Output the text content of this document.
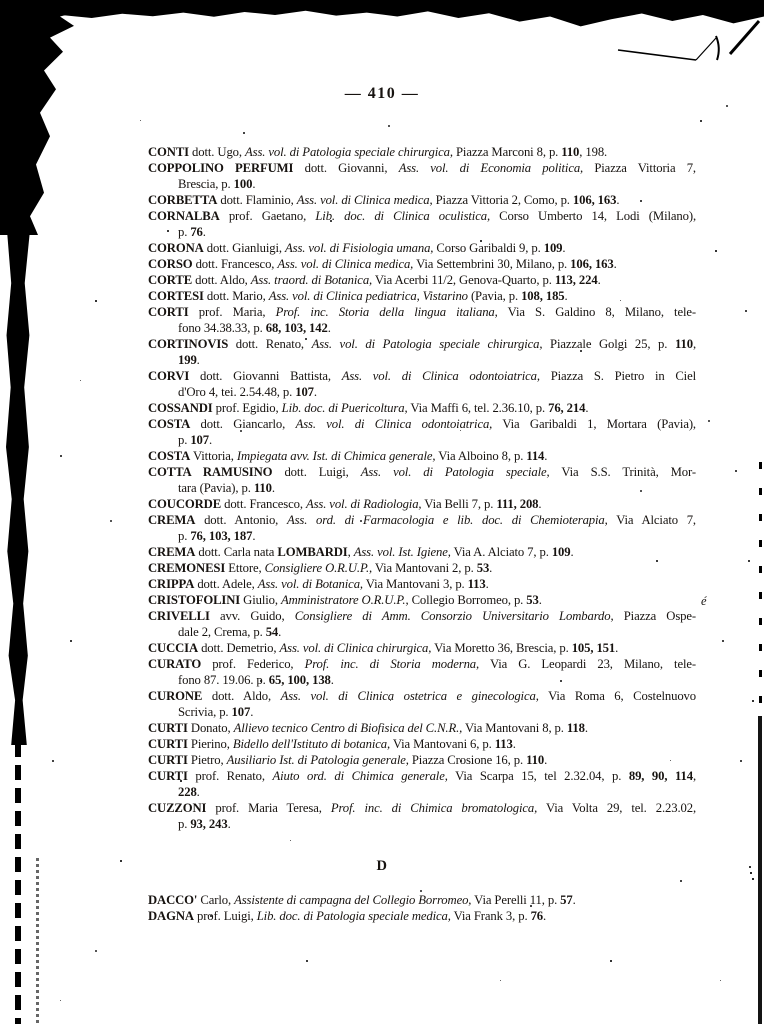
— 410 —
CONTI dott. Ugo, Ass. vol. di Patologia speciale chirurgica, Piazza Marconi 8, p. 110, 198.
COPPOLINO PERFUMI dott. Giovanni, Ass. vol. di Economia politica, Piazza Vittoria 7,
Brescia, p. 100.
CORBETTA dott. Flaminio, Ass. vol. di Clinica medica, Piazza Vittoria 2, Como, p. 106, 163.
CORNALBA prof. Gaetano, Lib. doc. di Clinica oculistica, Corso Umberto 14, Lodi (Milano),
p. 76.
CORONA dott. Gianluigi, Ass. vol. di Fisiologia umana, Corso Garibaldi 9, p. 109.
CORSO dott. Francesco, Ass. vol. di Clinica medica, Via Settembrini 30, Milano, p. 106, 163.
CORTE dott. Aldo, Ass. traord. di Botanica, Via Acerbi 11/2, Genova-Quarto, p. 113, 224.
CORTESI dott. Mario, Ass. vol. di Clinica pediatrica, Vistarino (Pavia, p. 108, 185.
CORTI prof. Maria, Prof. inc. Storia della lingua italiana, Via S. Galdino 8, Milano, tele-
fono 34.38.33, p. 68, 103, 142.
CORTINOVIS dott. Renato, Ass. vol. di Patologia speciale chirurgica, Piazzale Golgi 25, p. 110,
199.
CORVI dott. Giovanni Battista, Ass. vol. di Clinica odontoiatrica, Piazza S. Pietro in Ciel
d'Oro 4, tei. 2.54.48, p. 107.
COSSANDI prof. Egidio, Lib. doc. di Puericoltura, Via Maffi 6, tel. 2.36.10, p. 76, 214.
COSTA dott. Giancarlo, Ass. vol. di Clinica odontoiatrica, Via Garibaldi 1, Mortara (Pavia),
p. 107.
COSTA Vittoria, Impiegata avv. Ist. di Chimica generale, Via Alboino 8, p. 114.
COTTA RAMUSINO dott. Luigi, Ass. vol. di Patologia speciale, Via S.S. Trinità, Mor-
tara (Pavia), p. 110.
COUCORDE dott. Francesco, Ass. vol. di Radiologia, Via Belli 7, p. 111, 208.
CREMA dott. Antonio, Ass. ord. di Farmacologia e lib. doc. di Chemioterapia, Via Alciato 7,
p. 76, 103, 187.
CREMA dott. Carla nata LOMBARDI, Ass. vol. Ist. Igiene, Via A. Alciato 7, p. 109.
CREMONESI Ettore, Consigliere O.R.U.P., Via Mantovani 2, p. 53.
CRIPPA dott. Adele, Ass. vol. di Botanica, Via Mantovani 3, p. 113.
CRISTOFOLINI Giulio, Amministratore O.R.U.P., Collegio Borromeo, p. 53.
CRIVELLI avv. Guido, Consigliere di Amm. Consorzio Universitario Lombardo, Piazza Ospe-
dale 2, Crema, p. 54.
CUCCIA dott. Demetrio, Ass. vol. di Clinica chirurgica, Via Moretto 36, Brescia, p. 105, 151.
CURATO prof. Federico, Prof. inc. di Storia moderna, Via G. Leopardi 23, Milano, tele-
fono 87. 19.06. p. 65, 100, 138.
CURONE dott. Aldo, Ass. vol. di Clinica ostetrica e ginecologica, Via Roma 6, Costelnuovo
Scrivia, p. 107.
CURTI Donato, Allievo tecnico Centro di Biofisica del C.N.R., Via Mantovani 8, p. 118.
CURTI Pierino, Bidello dell'Istituto di botanica, Via Mantovani 6, p. 113.
CURTI Pietro, Ausiliario Ist. di Patologia generale, Piazza Crosione 16, p. 110.
CURTI prof. Renato, Aiuto ord. di Chimica generale, Via Scarpa 15, tel 2.32.04, p. 89, 90, 114,
228.
CUZZONI prof. Maria Teresa, Prof. inc. di Chimica bromatologica, Via Volta 29, tel. 2.23.02,
p. 93, 243.
é
D
DACCO' Carlo, Assistente di campagna del Collegio Borromeo, Via Perelli 11, p. 57.
DAGNA prof. Luigi, Lib. doc. di Patologia speciale medica, Via Frank 3, p. 76.
